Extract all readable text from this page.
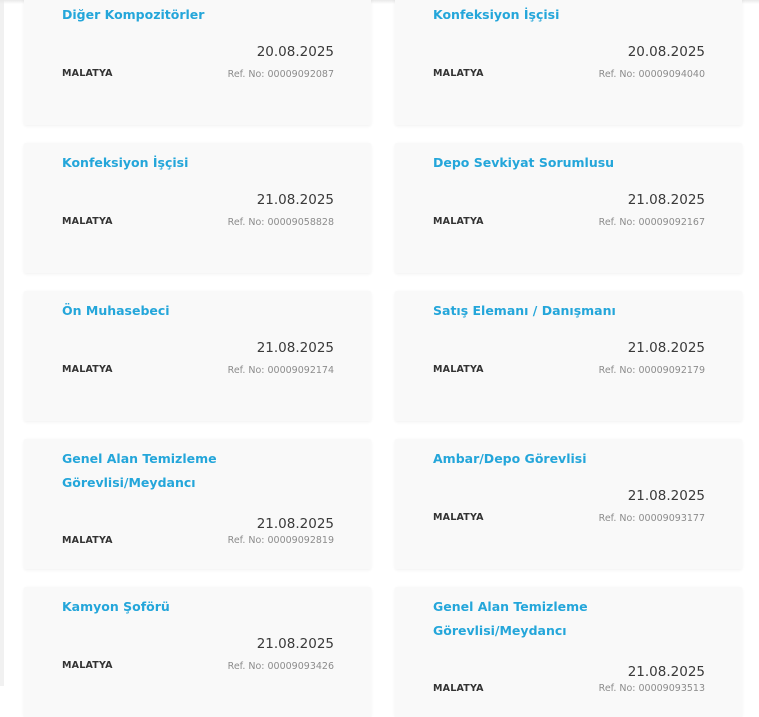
Diğer Kompozitörler
20.08.2025
MALATYA	Ref. No: 00009092087
Konfeksiyon İşçisi
20.08.2025
MALATYA	Ref. No: 00009094040
Konfeksiyon İşçisi
21.08.2025
MALATYA	Ref. No: 00009058828
Depo Sevkiyat Sorumlusu
21.08.2025
MALATYA	Ref. No: 00009092167
Ön Muhasebeci
21.08.2025
MALATYA	Ref. No: 00009092174
Satış Elemanı / Danışmanı
21.08.2025
MALATYA	Ref. No: 00009092179
Genel Alan Temizleme Görevlisi/Meydancı
21.08.2025
MALATYA	Ref. No: 00009092819
Ambar/Depo Görevlisi
21.08.2025
MALATYA	Ref. No: 00009093177
Kamyon Şoförü
21.08.2025
MALATYA	Ref. No: 00009093426
Genel Alan Temizleme Görevlisi/Meydancı
21.08.2025
MALATYA	Ref. No: 00009093513
